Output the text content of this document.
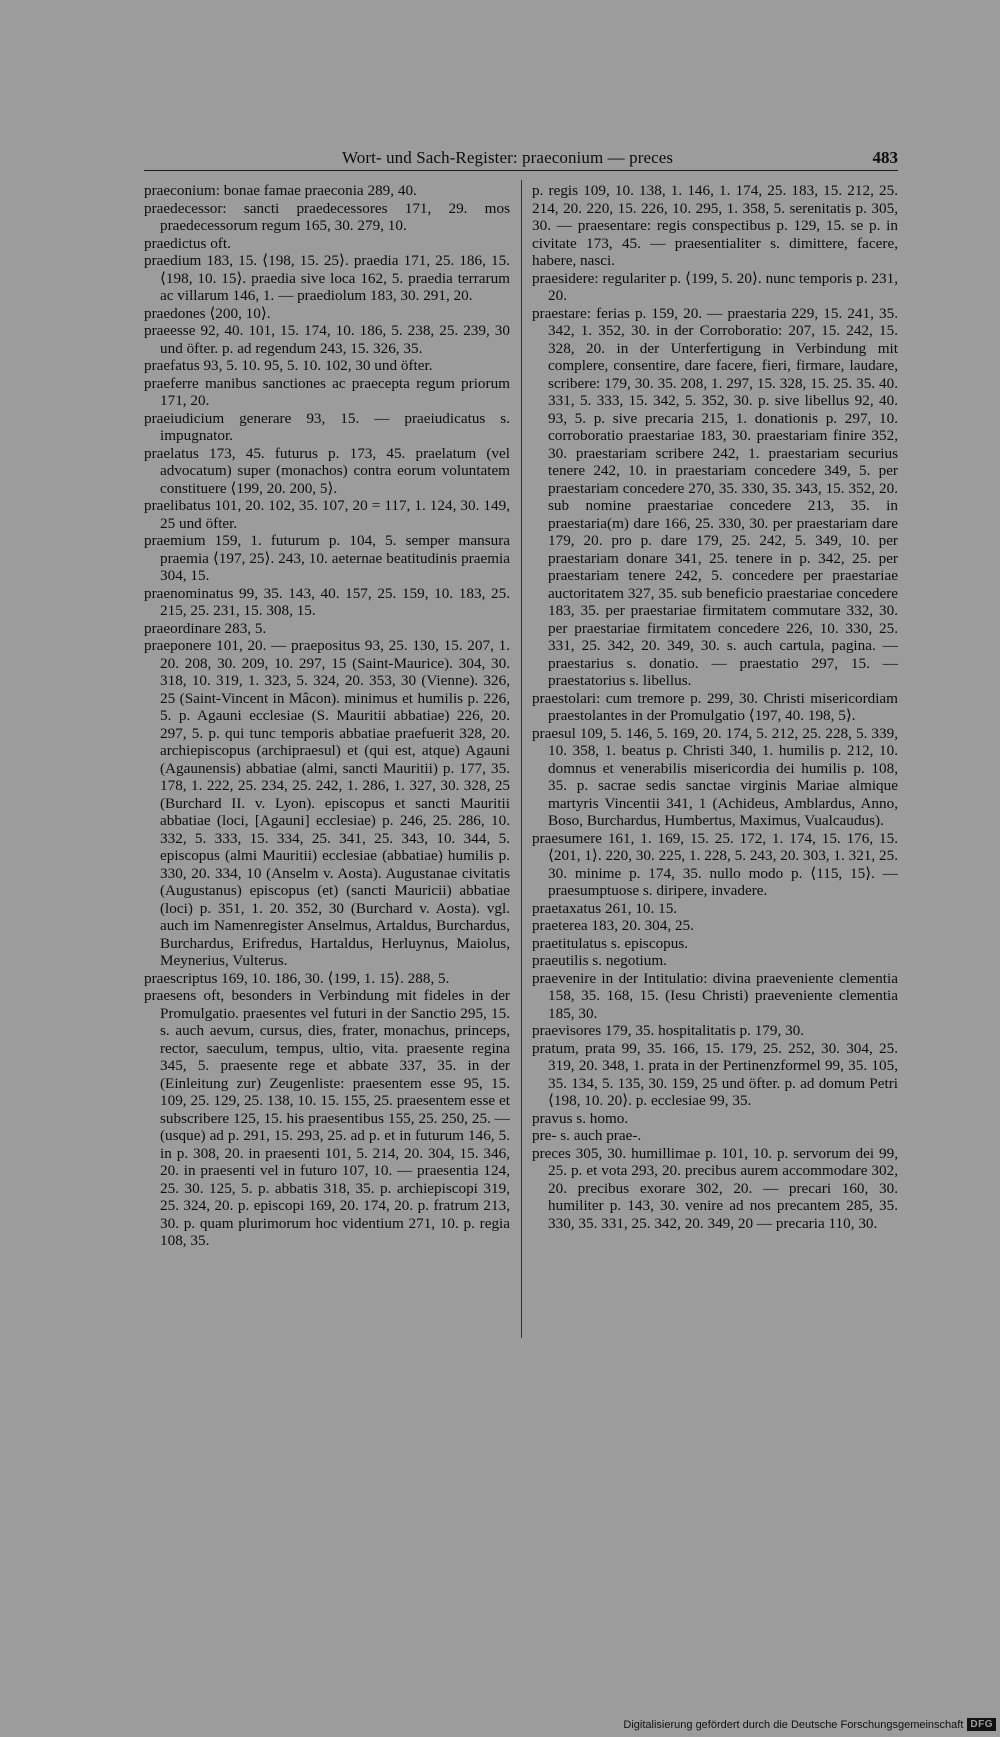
Wort- und Sach-Register: praeconium — preces	483

praeconium: bonae famae praeconia 289, 40.

praedecessor: sancti praedecessores 171, 29. mos praedecessorum regum 165, 30. 279, 10.

praedictus oft.

praedium 183, 15. ⟨198, 15. 25⟩. praedia 171, 25. 186, 15. ⟨198, 10. 15⟩. praedia sive loca 162, 5. praedia terrarum ac villarum 146, 1. — praediolum 183, 30. 291, 20.

praedones ⟨200, 10⟩.

praeesse 92, 40. 101, 15. 174, 10. 186, 5. 238, 25. 239, 30 und öfter. p. ad regendum 243, 15. 326, 35.

praefatus 93, 5. 10. 95, 5. 10. 102, 30 und öfter.

praeferre manibus sanctiones ac praecepta regum priorum 171, 20.

praeiudicium generare 93, 15. — praeiudicatus s. impugnator.

praelatus 173, 45. futurus p. 173, 45. praelatum (vel advocatum) super (monachos) contra eorum voluntatem constituere ⟨199, 20. 200, 5⟩.

praelibatus 101, 20. 102, 35. 107, 20 = 117, 1. 124, 30. 149, 25 und öfter.

praemium 159, 1. futurum p. 104, 5. semper mansura praemia ⟨197, 25⟩. 243, 10. aeternae beatitudinis praemia 304, 15.

praenominatus 99, 35. 143, 40. 157, 25. 159, 10. 183, 25. 215, 25. 231, 15. 308, 15.

praeordinare 283, 5.

praeponere 101, 20. — praepositus 93, 25. 130, 15. 207, 1. 20. 208, 30. 209, 10. 297, 15 (Saint-Maurice). 304, 30. 318, 10. 319, 1. 323, 5. 324, 20. 353, 30 (Vienne). 326, 25 (Saint-Vincent in Mâcon). minimus et humilis p. 226, 5. p. Agauni ecclesiae (S. Mauritii abbatiae) 226, 20. 297, 5. p. qui tunc temporis abbatiae praefuerit 328, 20. archiepiscopus (archipraesul) et (qui est, atque) Agauni (Agaunensis) abbatiae (almi, sancti Mauritii) p. 177, 35. 178, 1. 222, 25. 234, 25. 242, 1. 286, 1. 327, 30. 328, 25 (Burchard II. v. Lyon). episcopus et sancti Mauritii abbatiae (loci, [Agauni] ecclesiae) p. 246, 25. 286, 10. 332, 5. 333, 15. 334, 25. 341, 25. 343, 10. 344, 5. episcopus (almi Mauritii) ecclesiae (abbatiae) humilis p. 330, 20. 334, 10 (Anselm v. Aosta). Augustanae civitatis (Augustanus) episcopus (et) (sancti Mauricii) abbatiae (loci) p. 351, 1. 20. 352, 30 (Burchard v. Aosta). vgl. auch im Namenregister Anselmus, Artaldus, Burchardus, Burchardus, Erifredus, Hartaldus, Herluynus, Maiolus, Meynerius, Vulterus.

praescriptus 169, 10. 186, 30. ⟨199, 1. 15⟩. 288, 5.

praesens oft, besonders in Verbindung mit fideles in der Promulgatio. praesentes vel futuri in der Sanctio 295, 15. s. auch aevum, cursus, dies, frater, monachus, princeps, rector, saeculum, tempus, ultio, vita. praesente regina 345, 5. praesente rege et abbate 337, 35. in der (Einleitung zur) Zeugenliste: praesentem esse 95, 15. 109, 25. 129, 25. 138, 10. 15. 155, 25. praesentem esse et subscribere 125, 15. his praesentibus 155, 25. 250, 25. — (usque) ad p. 291, 15. 293, 25. ad p. et in futurum 146, 5. in p. 308, 20. in praesenti 101, 5. 214, 20. 304, 15. 346, 20. in praesenti vel in futuro 107, 10. — praesentia 124, 25. 30. 125, 5. p. abbatis 318, 35. p. archiepiscopi 319, 25. 324, 20. p. episcopi 169, 20. 174, 20. p. fratrum 213, 30. p. quam plurimorum hoc videntium 271, 10. p. regia 108, 35.

p. regis 109, 10. 138, 1. 146, 1. 174, 25. 183, 15. 212, 25. 214, 20. 220, 15. 226, 10. 295, 1. 358, 5. serenitatis p. 305, 30. — praesentare: regis conspectibus p. 129, 15. se p. in civitate 173, 45. — praesentialiter s. dimittere, facere, habere, nasci.

praesidere: regulariter p. ⟨199, 5. 20⟩. nunc temporis p. 231, 20.

praestare: ferias p. 159, 20. — praestaria 229, 15. 241, 35. 342, 1. 352, 30. in der Corroboratio: 207, 15. 242, 15. 328, 20. in der Unterfertigung in Verbindung mit complere, consentire, dare facere, fieri, firmare, laudare, scribere: 179, 30. 35. 208, 1. 297, 15. 328, 15. 25. 35. 40. 331, 5. 333, 15. 342, 5. 352, 30. p. sive libellus 92, 40. 93, 5. p. sive precaria 215, 1. donationis p. 297, 10. corroboratio praestariae 183, 30. praestariam finire 352, 30. praestariam scribere 242, 1. praestariam securius tenere 242, 10. in praestariam concedere 349, 5. per praestariam concedere 270, 35. 330, 35. 343, 15. 352, 20. sub nomine praestariae concedere 213, 35. in praestaria(m) dare 166, 25. 330, 30. per praestariam dare 179, 20. pro p. dare 179, 25. 242, 5. 349, 10. per praestariam donare 341, 25. tenere in p. 342, 25. per praestariam tenere 242, 5. concedere per praestariae auctoritatem 327, 35. sub beneficio praestariae concedere 183, 35. per praestariae firmitatem commutare 332, 30. per praestariae firmitatem concedere 226, 10. 330, 25. 331, 25. 342, 20. 349, 30. s. auch cartula, pagina. — praestarius s. donatio. — praestatio 297, 15. — praestatorius s. libellus.

praestolari: cum tremore p. 299, 30. Christi misericordiam praestolantes in der Promulgatio ⟨197, 40. 198, 5⟩.

praesul 109, 5. 146, 5. 169, 20. 174, 5. 212, 25. 228, 5. 339, 10. 358, 1. beatus p. Christi 340, 1. humilis p. 212, 10. domnus et venerabilis misericordia dei humilis p. 108, 35. p. sacrae sedis sanctae virginis Mariae almique martyris Vincentii 341, 1 (Achideus, Amblardus, Anno, Boso, Burchardus, Humbertus, Maximus, Vualcaudus).

praesumere 161, 1. 169, 15. 25. 172, 1. 174, 15. 176, 15. ⟨201, 1⟩. 220, 30. 225, 1. 228, 5. 243, 20. 303, 1. 321, 25. 30. minime p. 174, 35. nullo modo p. ⟨115, 15⟩. — praesumptuose s. diripere, invadere.

praetaxatus 261, 10. 15.

praeterea 183, 20. 304, 25.

praetitulatus s. episcopus.

praeutilis s. negotium.

praevenire in der Intitulatio: divina praeveniente clementia 158, 35. 168, 15. (Iesu Christi) praeveniente clementia 185, 30.

praevisores 179, 35. hospitalitatis p. 179, 30.

pratum, prata 99, 35. 166, 15. 179, 25. 252, 30. 304, 25. 319, 20. 348, 1. prata in der Pertinenzformel 99, 35. 105, 35. 134, 5. 135, 30. 159, 25 und öfter. p. ad domum Petri ⟨198, 10. 20⟩. p. ecclesiae 99, 35.

pravus s. homo.

pre- s. auch prae-.

preces 305, 30. humillimae p. 101, 10. p. servorum dei 99, 25. p. et vota 293, 20. precibus aurem accommodare 302, 20. precibus exorare 302, 20. — precari 160, 30. humiliter p. 143, 30. venire ad nos precantem 285, 35. 330, 35. 331, 25. 342, 20. 349, 20 — precaria 110, 30.

Digitalisierung gefördert durch die Deutsche Forschungsgemeinschaft DFG
